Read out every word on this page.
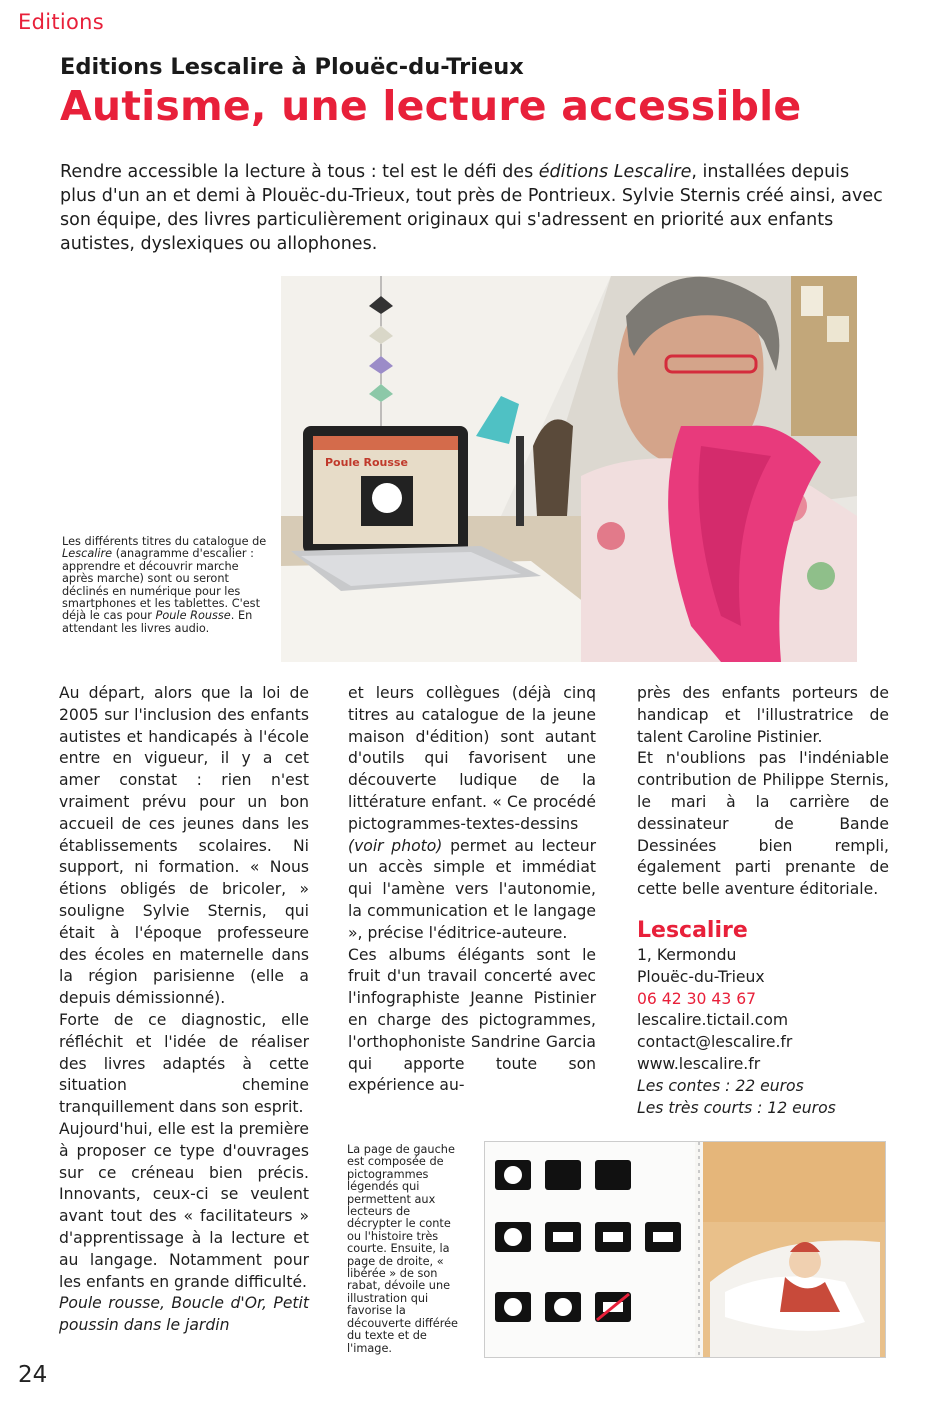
Editions
Editions Lescalire à Plouëc-du-Trieux
Autisme, une lecture accessible
Rendre accessible la lecture à tous : tel est le défi des éditions Lescalire, installées depuis plus d'un an et demi à Plouëc-du-Trieux, tout près de Pontrieux. Sylvie Sternis créé ainsi, avec son équipe, des livres particulièrement originaux qui s'adressent en priorité aux enfants autistes, dyslexiques ou allophones.
Poule Rousse
Les différents titres du catalogue de Lescalire (anagramme d'escalier : apprendre et découvrir marche après marche) sont ou seront déclinés en numérique pour les smartphones et les tablettes. C'est déjà le cas pour Poule Rousse. En attendant les livres audio.

Au départ, alors que la loi de 2005 sur l'inclusion des enfants autistes et handicapés à l'école entre en vigueur, il y a cet amer constat : rien n'est vraiment prévu pour un bon accueil de ces jeunes dans les établissements scolaires. Ni support, ni formation. « Nous étions obligés de bricoler, » souligne Sylvie Sternis, qui était à l'époque professeure des écoles en maternelle dans la région parisienne (elle a depuis démissionné).

Forte de ce diagnostic, elle réfléchit et l'idée de réaliser des livres adaptés à cette situation chemine tranquillement dans son esprit.

Aujourd'hui, elle est la première à proposer ce type d'ouvrages sur ce créneau bien précis. Innovants, ceux-ci se veulent avant tout des « facilitateurs » d'apprentissage à la lecture et au langage. Notamment pour les enfants en grande difficulté.

Poule rousse, Boucle d'Or, Petit poussin dans le jardin

et leurs collègues (déjà cinq titres au catalogue de la jeune maison d'édition) sont autant d'outils qui favorisent une découverte ludique de la littérature enfant. « Ce procédé pictogrammes-textes-dessins (voir photo) permet au lecteur un accès simple et immédiat qui l'amène vers l'autonomie, la communication et le langage », précise l'éditrice-auteure.

Ces albums élégants sont le fruit d'un travail concerté avec l'infographiste Jeanne Pistinier en charge des pictogrammes, l'orthophoniste Sandrine Garcia qui apporte toute son expérience au-

près des enfants porteurs de handicap et l'illustratrice de talent Caroline Pistinier.

Et n'oublions pas l'indéniable contribution de Philippe Sternis, le mari à la carrière de dessinateur de Bande Dessinées bien rempli, également parti prenante de cette belle aventure éditoriale.

Lescalire
1, Kermondu
Plouëc-du-Trieux
06 42 30 43 67
lescalire.tictail.com
contact@lescalire.fr
www.lescalire.fr
Les contes : 22 euros
Les très courts : 12 euros
La page de gauche est composée de pictogrammes légendés qui permettent aux lecteurs de décrypter le conte ou l'histoire très courte. Ensuite, la page de droite, « libérée » de son rabat, dévoile une illustration qui favorise la découverte différée du texte et de l'image.
24
